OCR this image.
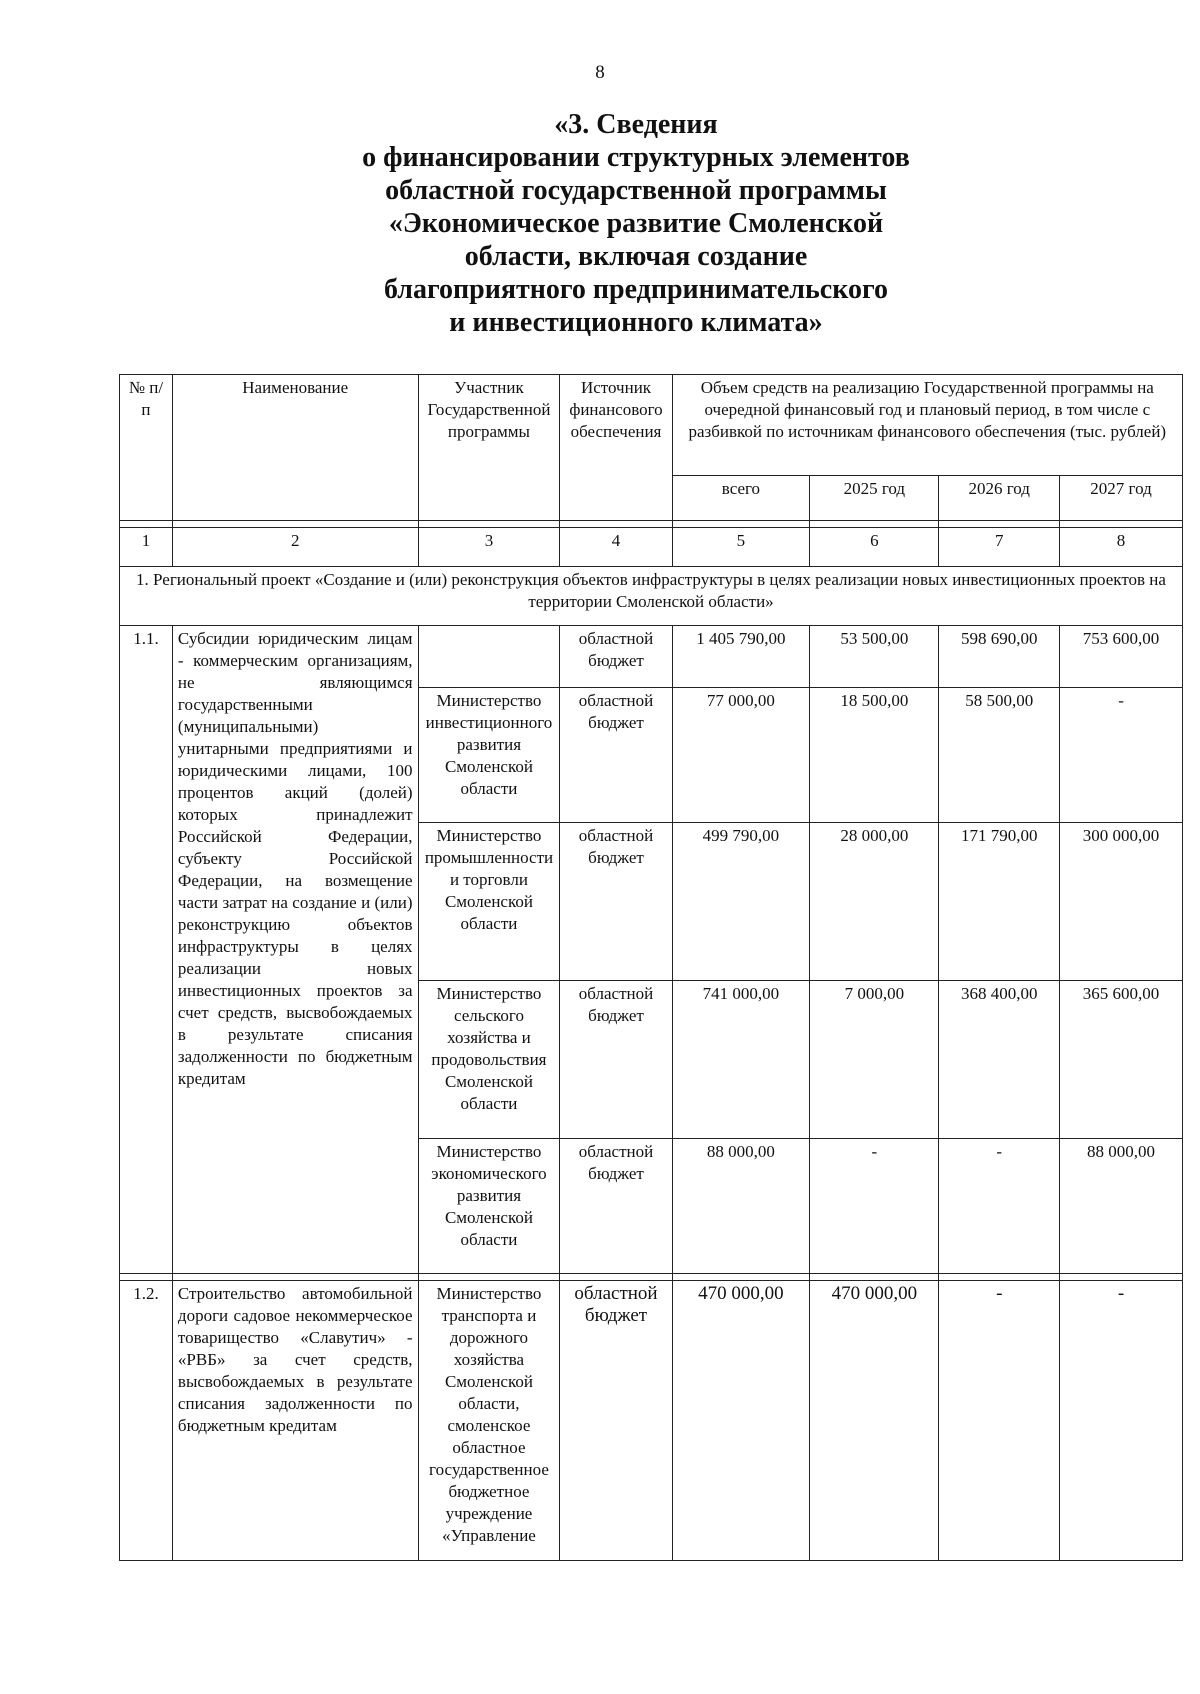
8
«3. Сведения
о финансировании структурных элементов
областной государственной программы
«Экономическое развитие Смоленской
области, включая создание
благоприятного предпринимательского
и инвестиционного климата»
№ п/п	Наименование	Участник Государственной программы	Источник финансового обеспечения	Объем средств на реализацию Государственной программы на очередной финансовый год и плановый период, в том числе с разбивкой по источникам финансового обеспечения (тыс. рублей)			
				всего	2025 год	2026 год	2027 год

1	2	3	4	5	6	7	8
1. Региональный проект «Создание и (или) реконструкция объектов инфраструктуры в целях реализации новых инвестиционных проектов на территории Смоленской области»							
1.1.	Субсидии юридическим лицам - коммерческим организациям, не являющимся государственными (муниципальными) унитарными предприятиями и юридическими лицами, 100 процентов акций (долей) которых принадлежит Российской Федерации, субъекту Российской Федерации, на возмещение части затрат на создание и (или) реконструкцию объектов инфраструктуры в целях реализации новых инвестиционных проектов за счет средств, высвобождаемых в результате списания задолженности по бюджетным кредитам		областной бюджет	1 405 790,00	53 500,00	598 690,00	753 600,00
		Министерство инвестиционного развития Смоленской области	областной бюджет	77 000,00	18 500,00	58 500,00	-
		Министерство промышленности и торговли Смоленской области	областной бюджет	499 790,00	28 000,00	171 790,00	300 000,00
		Министерство сельского хозяйства и продовольствия Смоленской области	областной бюджет	741 000,00	7 000,00	368 400,00	365 600,00
		Министерство экономического развития Смоленской области	областной бюджет	88 000,00	-	-	88 000,00

1.2.	Строительство автомобильной дороги садовое некоммерческое товарищество «Славутич» - «РВБ» за счет средств, высвобождаемых в результате списания задолженности по бюджетным кредитам	Министерство транспорта и дорожного хозяйства Смоленской области, смоленское областное государственное бюджетное учреждение «Управление	областной бюджет	470 000,00	470 000,00	-	-
